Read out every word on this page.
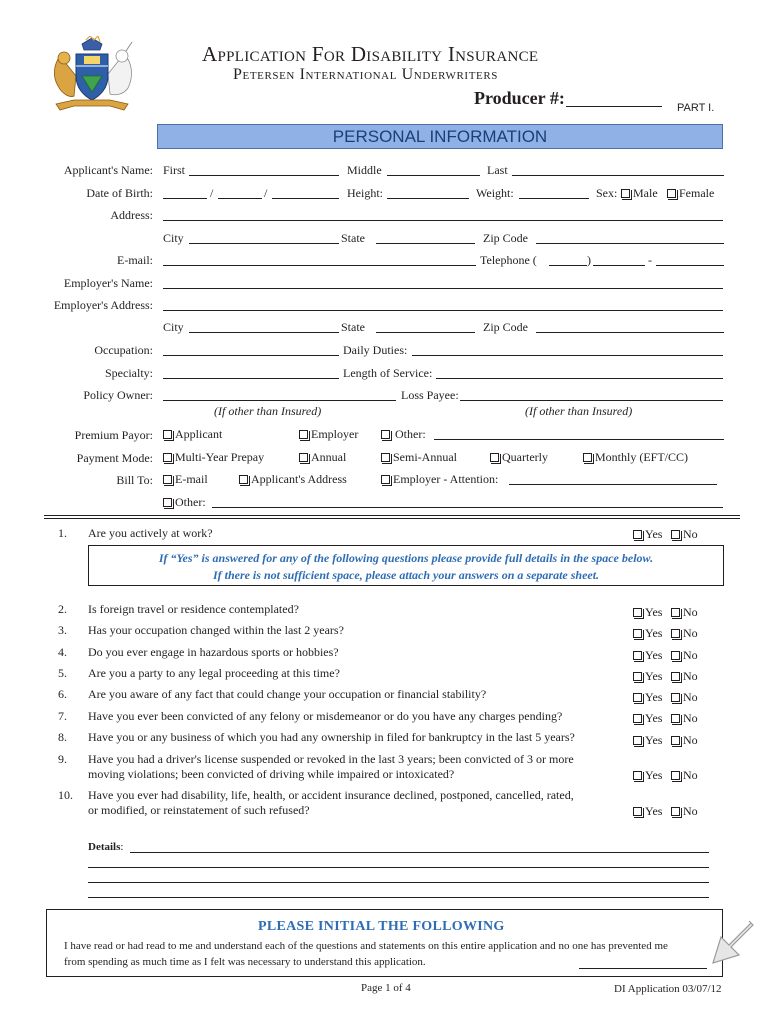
Application For Disability Insurance
Petersen International Underwriters
Producer #:	PART I.
PERSONAL INFORMATION
Applicant's Name: First	Middle	Last
Date of Birth:	/	/	Height:	Weight:	Sex:	Male	Female
Address:
City	State	Zip Code
E-mail:	Telephone (	)	-
Employer's Name:
Employer's Address:
City	State	Zip Code
Occupation:	Daily Duties:
Specialty:	Length of Service:
Policy Owner:	Loss Payee:
(If other than Insured)	(If other than Insured)
Premium Payor:	Applicant	Employer	Other:
Payment Mode:	Multi-Year Prepay	Annual	Semi-Annual	Quarterly	Monthly (EFT/CC)
Bill To:	E-mail	Applicant's Address	Employer - Attention:
Other:
1. Are you actively at work?	Yes	No
If “Yes” is answered for any of the following questions please provide full details in the space below.
If there is not sufficient space, please attach your answers on a separate sheet.
2. Is foreign travel or residence contemplated?	Yes	No
3. Has your occupation changed within the last 2 years?	Yes	No
4. Do you ever engage in hazardous sports or hobbies?	Yes	No
5. Are you a party to any legal proceeding at this time?	Yes	No
6. Are you aware of any fact that could change your occupation or financial stability?	Yes	No
7. Have you ever been convicted of any felony or misdemeanor or do you have any charges pending?	Yes	No
8. Have you or any business of which you had any ownership in filed for bankruptcy in the last 5 years?	Yes	No
9. Have you had a driver's license suspended or revoked in the last 3 years; been convicted of 3 or more
moving violations; been convicted of driving while impaired or intoxicated?	Yes	No
10. Have you ever had disability, life, health, or accident insurance declined, postponed, cancelled, rated,
or modified, or reinstatement of such refused?	Yes	No
Details:
PLEASE INITIAL THE FOLLOWING
I have read or had read to me and understand each of the questions and statements on this entire application and no one has prevented me
from spending as much time as I felt was necessary to understand this application.
Page 1 of 4	DI Application 03/07/12
